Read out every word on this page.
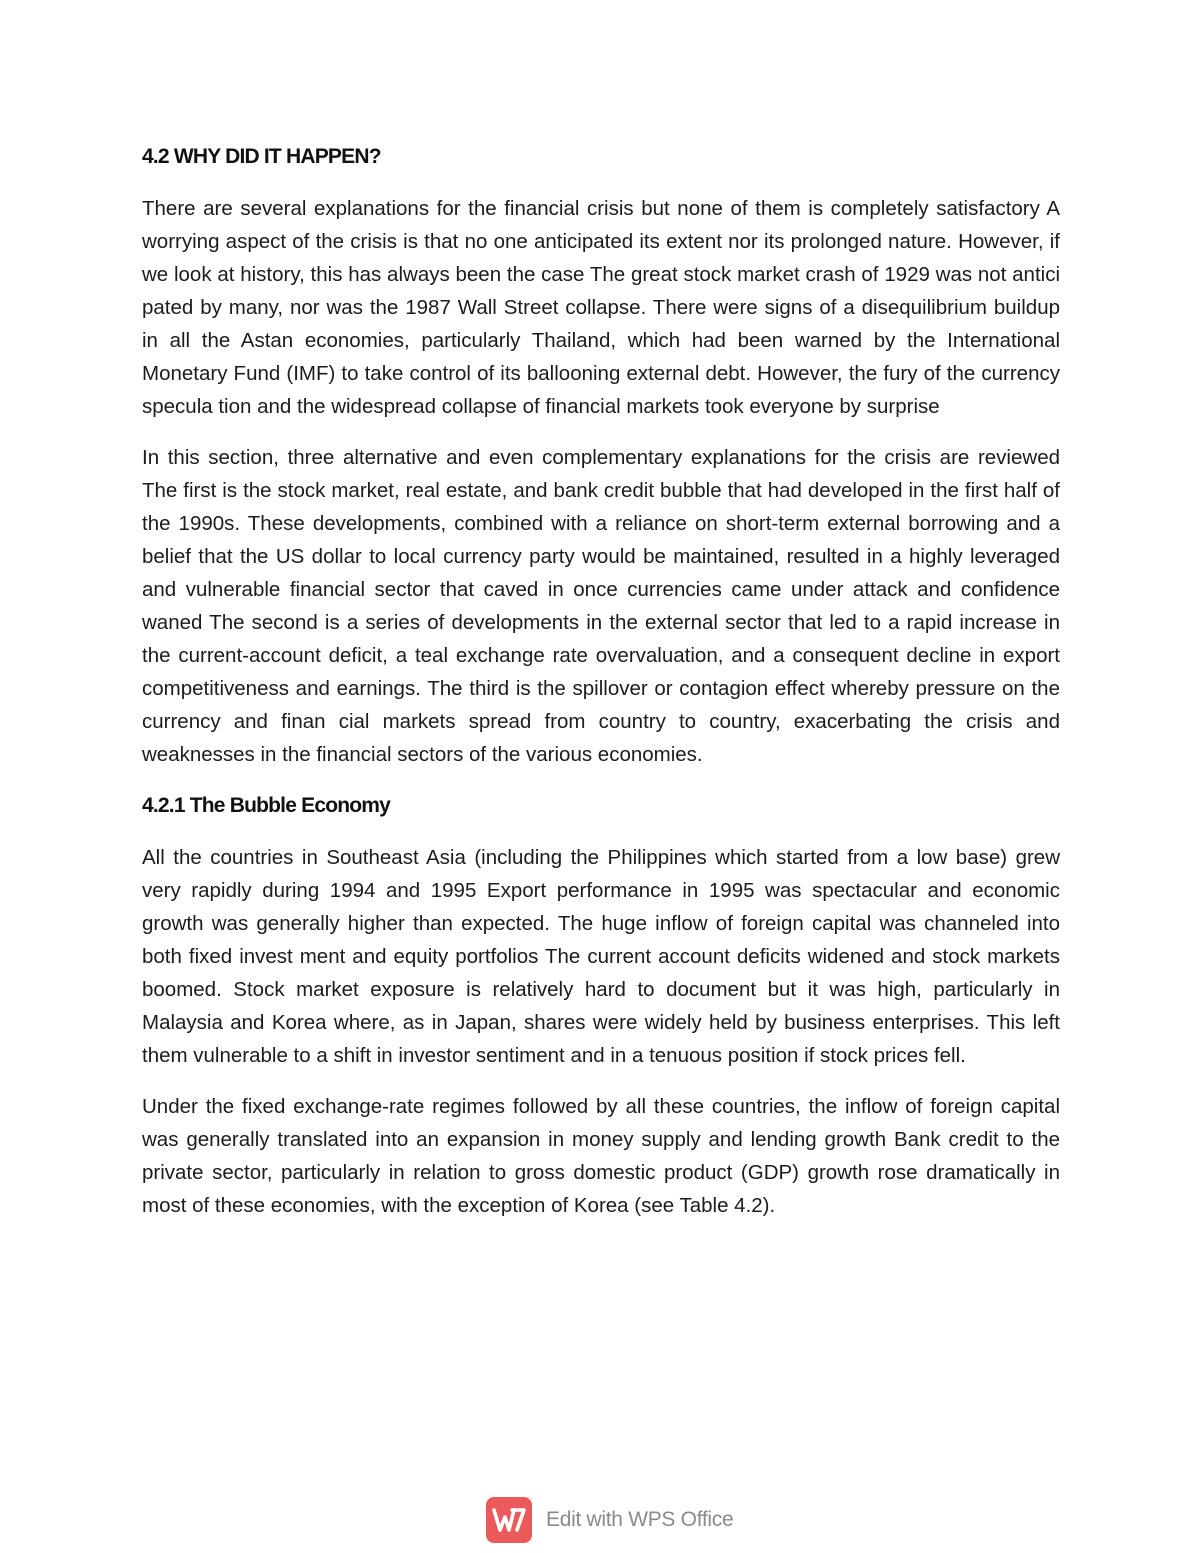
4.2 WHY DID IT HAPPEN?

There are several explanations for the financial crisis but none of them is completely satisfactory A worrying aspect of the crisis is that no one anticipated its extent nor its prolonged nature. However, if we look at history, this has always been the case The great stock market crash of 1929 was not antici pated by many, nor was the 1987 Wall Street collapse. There were signs of a disequilibrium buildup in all the Astan economies, particularly Thailand, which had been warned by the International Monetary Fund (IMF) to take control of its ballooning external debt. However, the fury of the currency specula tion and the widespread collapse of financial markets took everyone by surprise

In this section, three alternative and even complementary explanations for the crisis are reviewed The first is the stock market, real estate, and bank credit bubble that had developed in the first half of the 1990s. These developments, combined with a reliance on short-term external borrowing and a belief that the US dollar to local currency party would be maintained, resulted in a highly leveraged and vulnerable financial sector that caved in once currencies came under attack and confidence waned The second is a series of developments in the external sector that led to a rapid increase in the current-account deficit, a teal exchange rate overvaluation, and a consequent decline in export competitiveness and earnings. The third is the spillover or contagion effect whereby pressure on the currency and finan cial markets spread from country to country, exacerbating the crisis and weaknesses in the financial sectors of the various economies.

4.2.1 The Bubble Economy

All the countries in Southeast Asia (including the Philippines which started from a low base) grew very rapidly during 1994 and 1995 Export performance in 1995 was spectacular and economic growth was generally higher than expected. The huge inflow of foreign capital was channeled into both fixed invest ment and equity portfolios The current account deficits widened and stock markets boomed. Stock market exposure is relatively hard to document but it was high, particularly in Malaysia and Korea where, as in Japan, shares were widely held by business enterprises. This left them vulnerable to a shift in investor sentiment and in a tenuous position if stock prices fell.

Under the fixed exchange-rate regimes followed by all these countries, the inflow of foreign capital was generally translated into an expansion in money supply and lending growth Bank credit to the private sector, particularly in relation to gross domestic product (GDP) growth rose dramatically in most of these economies, with the exception of Korea (see Table 4.2).

Edit with WPS Office
